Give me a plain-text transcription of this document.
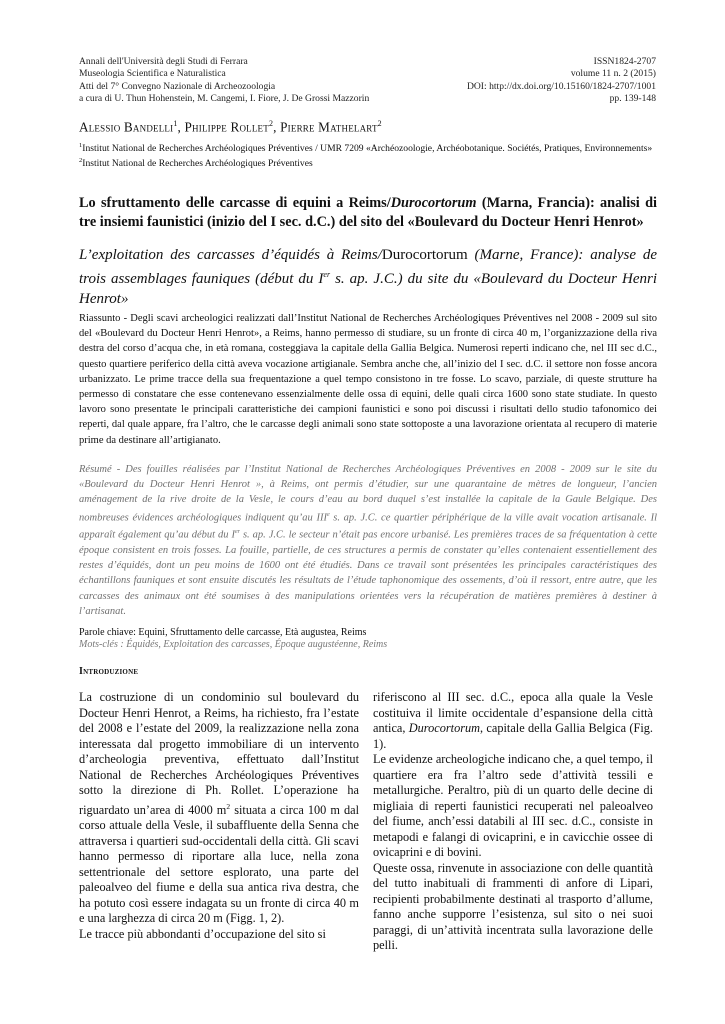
Annali dell'Università degli Studi di Ferrara
Museologia Scientifica e Naturalistica
Atti del 7° Convegno Nazionale di Archeozoologia
a cura di U. Thun Hohenstein, M. Cangemi, I. Fiore, J. De Grossi Mazzorin
ISSN1824-2707
volume 11 n. 2 (2015)
DOI: http://dx.doi.org/10.15160/1824-2707/1001
pp. 139-148
Alessio Bandelli$^1$, Philippe Rollet$^2$, Pierre Mathelart$^2$
$^1$Institut National de Recherches Archéologiques Préventives / UMR 7209 «Archéozoologie, Archéobotanique. Sociétés, Pratiques, Environnements»
$^2$Institut National de Recherches Archéologiques Préventives
Lo sfruttamento delle carcasse di equini a Reims/Durocortorum (Marna, Francia): analisi di tre insiemi faunistici (inizio del I sec. d.C.) del sito del «Boulevard du Docteur Henri Henrot»
L’exploitation des carcasses d’équidés à Reims/Durocortorum (Marne, France): analyse de trois assemblages fauniques (début du Ier s. ap. J.C.) du site du «Boulevard du Docteur Henri Henrot»
Riassunto - Degli scavi archeologici realizzati dall’Institut National de Recherches Archéologiques Préventives nel 2008 - 2009 sul sito del «Boulevard du Docteur Henri Henrot», a Reims, hanno permesso di studiare, su un fronte di circa 40 m, l’organizzazione della riva destra del corso d’acqua che, in età romana, costeggiava la capitale della Gallia Belgica. Numerosi reperti indicano che, nel III sec d.C., questo quartiere periferico della città aveva vocazione artigianale. Sembra anche che, all’inizio del I sec. d.C. il settore non fosse ancora urbanizzato. Le prime tracce della sua frequentazione a quel tempo consistono in tre fosse. Lo scavo, parziale, di queste strutture ha permesso di constatare che esse contenevano essenzialmente delle ossa di equini, delle quali circa 1600 sono state studiate. In questo lavoro sono presentate le principali caratteristiche dei campioni faunistici e sono poi discussi i risultati dello studio tafonomico dei reperti, dal quale appare, fra l’altro, che le carcasse degli animali sono state sottoposte a una lavorazione orientata al recupero di materie prime da destinare all’artigianato.
Résumé - Des fouilles réalisées par l’Institut National de Recherches Archéologiques Préventives en 2008 - 2009 sur le site du «Boulevard du Docteur Henri Henrot », à Reims, ont permis d’étudier, sur une quarantaine de mètres de longueur, l’ancien aménagement de la rive droite de la Vesle, le cours d’eau au bord duquel s’est installée la capitale de la Gaule Belgique. Des nombreuses évidences archéologiques indiquent qu’au IIIe s. ap. J.C. ce quartier périphérique de la ville avait vocation artisanale. Il apparaît également qu’au début du Ier s. ap. J.C. le secteur n’était pas encore urbanisé. Les premières traces de sa fréquentation à cette époque consistent en trois fosses. La fouille, partielle, de ces structures a permis de constater qu’elles contenaient essentiellement des restes d’équidés, dont un peu moins de 1600 ont été étudiés. Dans ce travail sont présentées les principales caractéristiques des échantillons fauniques et sont ensuite discutés les résultats de l’étude taphonomique des ossements, d’où il ressort, entre autre, que les carcasses des animaux ont été soumises à des manipulations orientées vers la récupération de matières premières à destiner à l’artisanat.
Parole chiave: Equini, Sfruttamento delle carcasse, Età augustea, Reims
Mots-clés : Équidés, Exploitation des carcasses, Époque augustéenne, Reims
Introduzione

La costruzione di un condominio sul boulevard du Docteur Henri Henrot, a Reims, ha richiesto, fra l’estate del 2008 e l’estate del 2009, la realizzazione nella zona interessata dal progetto immobiliare di un intervento d’archeologia preventiva, effettuato dall’Institut National de Recherches Archéologiques Préventives sotto la direzione di Ph. Rollet. L’operazione ha riguardato un’area di 4000 $m^2$ situata a circa 100 m dal corso attuale della Vesle, il subaffluente della Senna che attraversa i quartieri sud-occidentali della città. Gli scavi hanno permesso di riportare alla luce, nella zona settentrionale del settore esplorato, una parte del paleoalveo del fiume e della sua antica riva destra, che ha potuto così essere indagata su un fronte di circa 40 m e una larghezza di circa 20 m (Figg. 1, 2).

Le tracce più abbondanti d’occupazione del sito si

riferiscono al III sec. d.C., epoca alla quale la Vesle costituiva il limite occidentale d’espansione della città antica, Durocortorum, capitale della Gallia Belgica (Fig. 1).

Le evidenze archeologiche indicano che, a quel tempo, il quartiere era fra l’altro sede d’attività tessili e metallurgiche. Peraltro, più di un quarto delle decine di migliaia di reperti faunistici recuperati nel paleoalveo del fiume, anch’essi databili al III sec. d.C., consiste in metapodi e falangi di ovicaprini, e in cavicchie ossee di ovicaprini e di bovini.

Queste ossa, rinvenute in associazione con delle quantità del tutto inabituali di frammenti di anfore di Lipari, recipienti probabilmente destinati al trasporto d’allume, fanno anche supporre l’esistenza, sul sito o nei suoi paraggi, di un’attività incentrata sulla lavorazione delle pelli.
